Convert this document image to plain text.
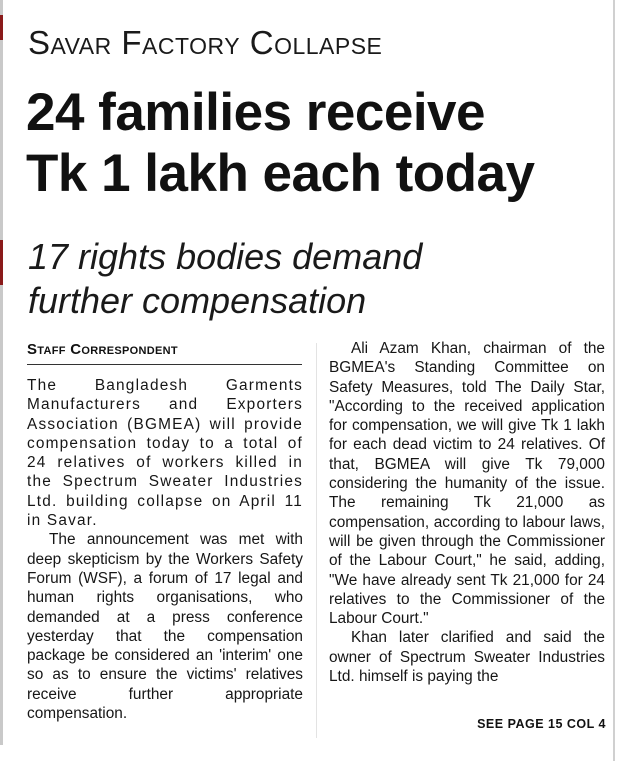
Savar Factory Collapse
24 families receive
Tk 1 lakh each today
17 rights bodies demand
further compensation
Staff Correspondent

The Bangladesh Garments Manufacturers and Exporters Association (BGMEA) will provide compensation today to a total of 24 relatives of workers killed in the Spectrum Sweater Industries Ltd. building collapse on April 11 in Savar.

The announcement was met with deep skepticism by the Workers Safety Forum (WSF), a forum of 17 legal and human rights organisations, who demanded at a press conference yesterday that the compensation package be considered an 'interim' one so as to ensure the victims' relatives receive further appropriate compensation.

Ali Azam Khan, chairman of the BGMEA's Standing Committee on Safety Measures, told The Daily Star, "According to the received application for compensation, we will give Tk 1 lakh for each dead victim to 24 relatives. Of that, BGMEA will give Tk 79,000 considering the humanity of the issue. The remaining Tk 21,000 as compensation, according to labour laws, will be given through the Commissioner of the Labour Court," he said, adding, "We have already sent Tk 21,000 for 24 relatives to the Commissioner of the Labour Court."

Khan later clarified and said the owner of Spectrum Sweater Industries Ltd. himself is paying the

SEE PAGE 15 COL 4
